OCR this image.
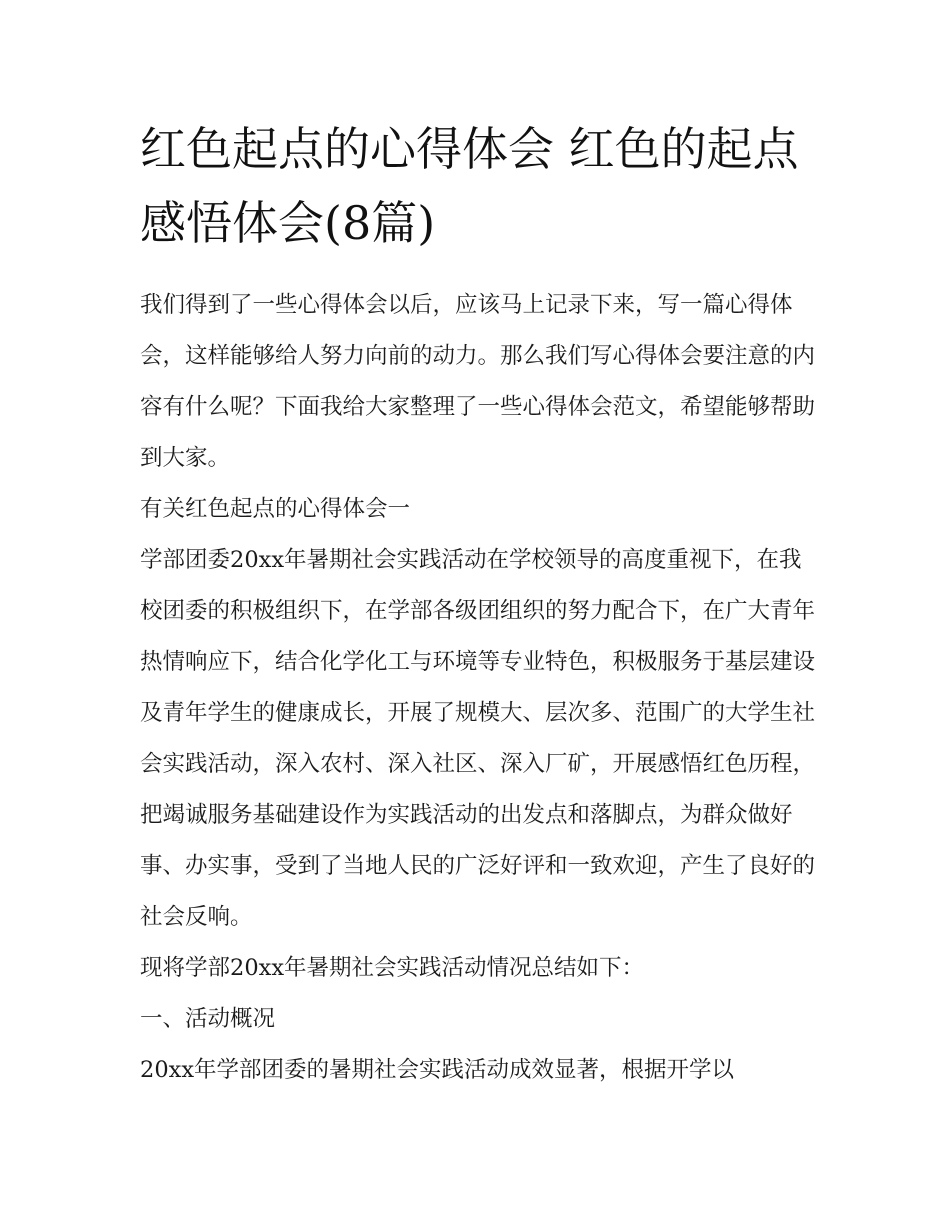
红色起点的心得体会 红色的起点感悟体会(8篇)

我们得到了一些心得体会以后，应该马上记录下来，写一篇心得体会，这样能够给人努力向前的动力。那么我们写心得体会要注意的内容有什么呢？下面我给大家整理了一些心得体会范文，希望能够帮助到大家。

有关红色起点的心得体会一

学部团委20xx年暑期社会实践活动在学校领导的高度重视下，在我校团委的积极组织下，在学部各级团组织的努力配合下，在广大青年热情响应下，结合化学化工与环境等专业特色，积极服务于基层建设及青年学生的健康成长，开展了规模大、层次多、范围广的大学生社会实践活动，深入农村、深入社区、深入厂矿，开展感悟红色历程，把竭诚服务基础建设作为实践活动的出发点和落脚点，为群众做好事、办实事，受到了当地人民的广泛好评和一致欢迎，产生了良好的社会反响。

现将学部20xx年暑期社会实践活动情况总结如下：

一、活动概况

20xx年学部团委的暑期社会实践活动成效显著，根据开学以
